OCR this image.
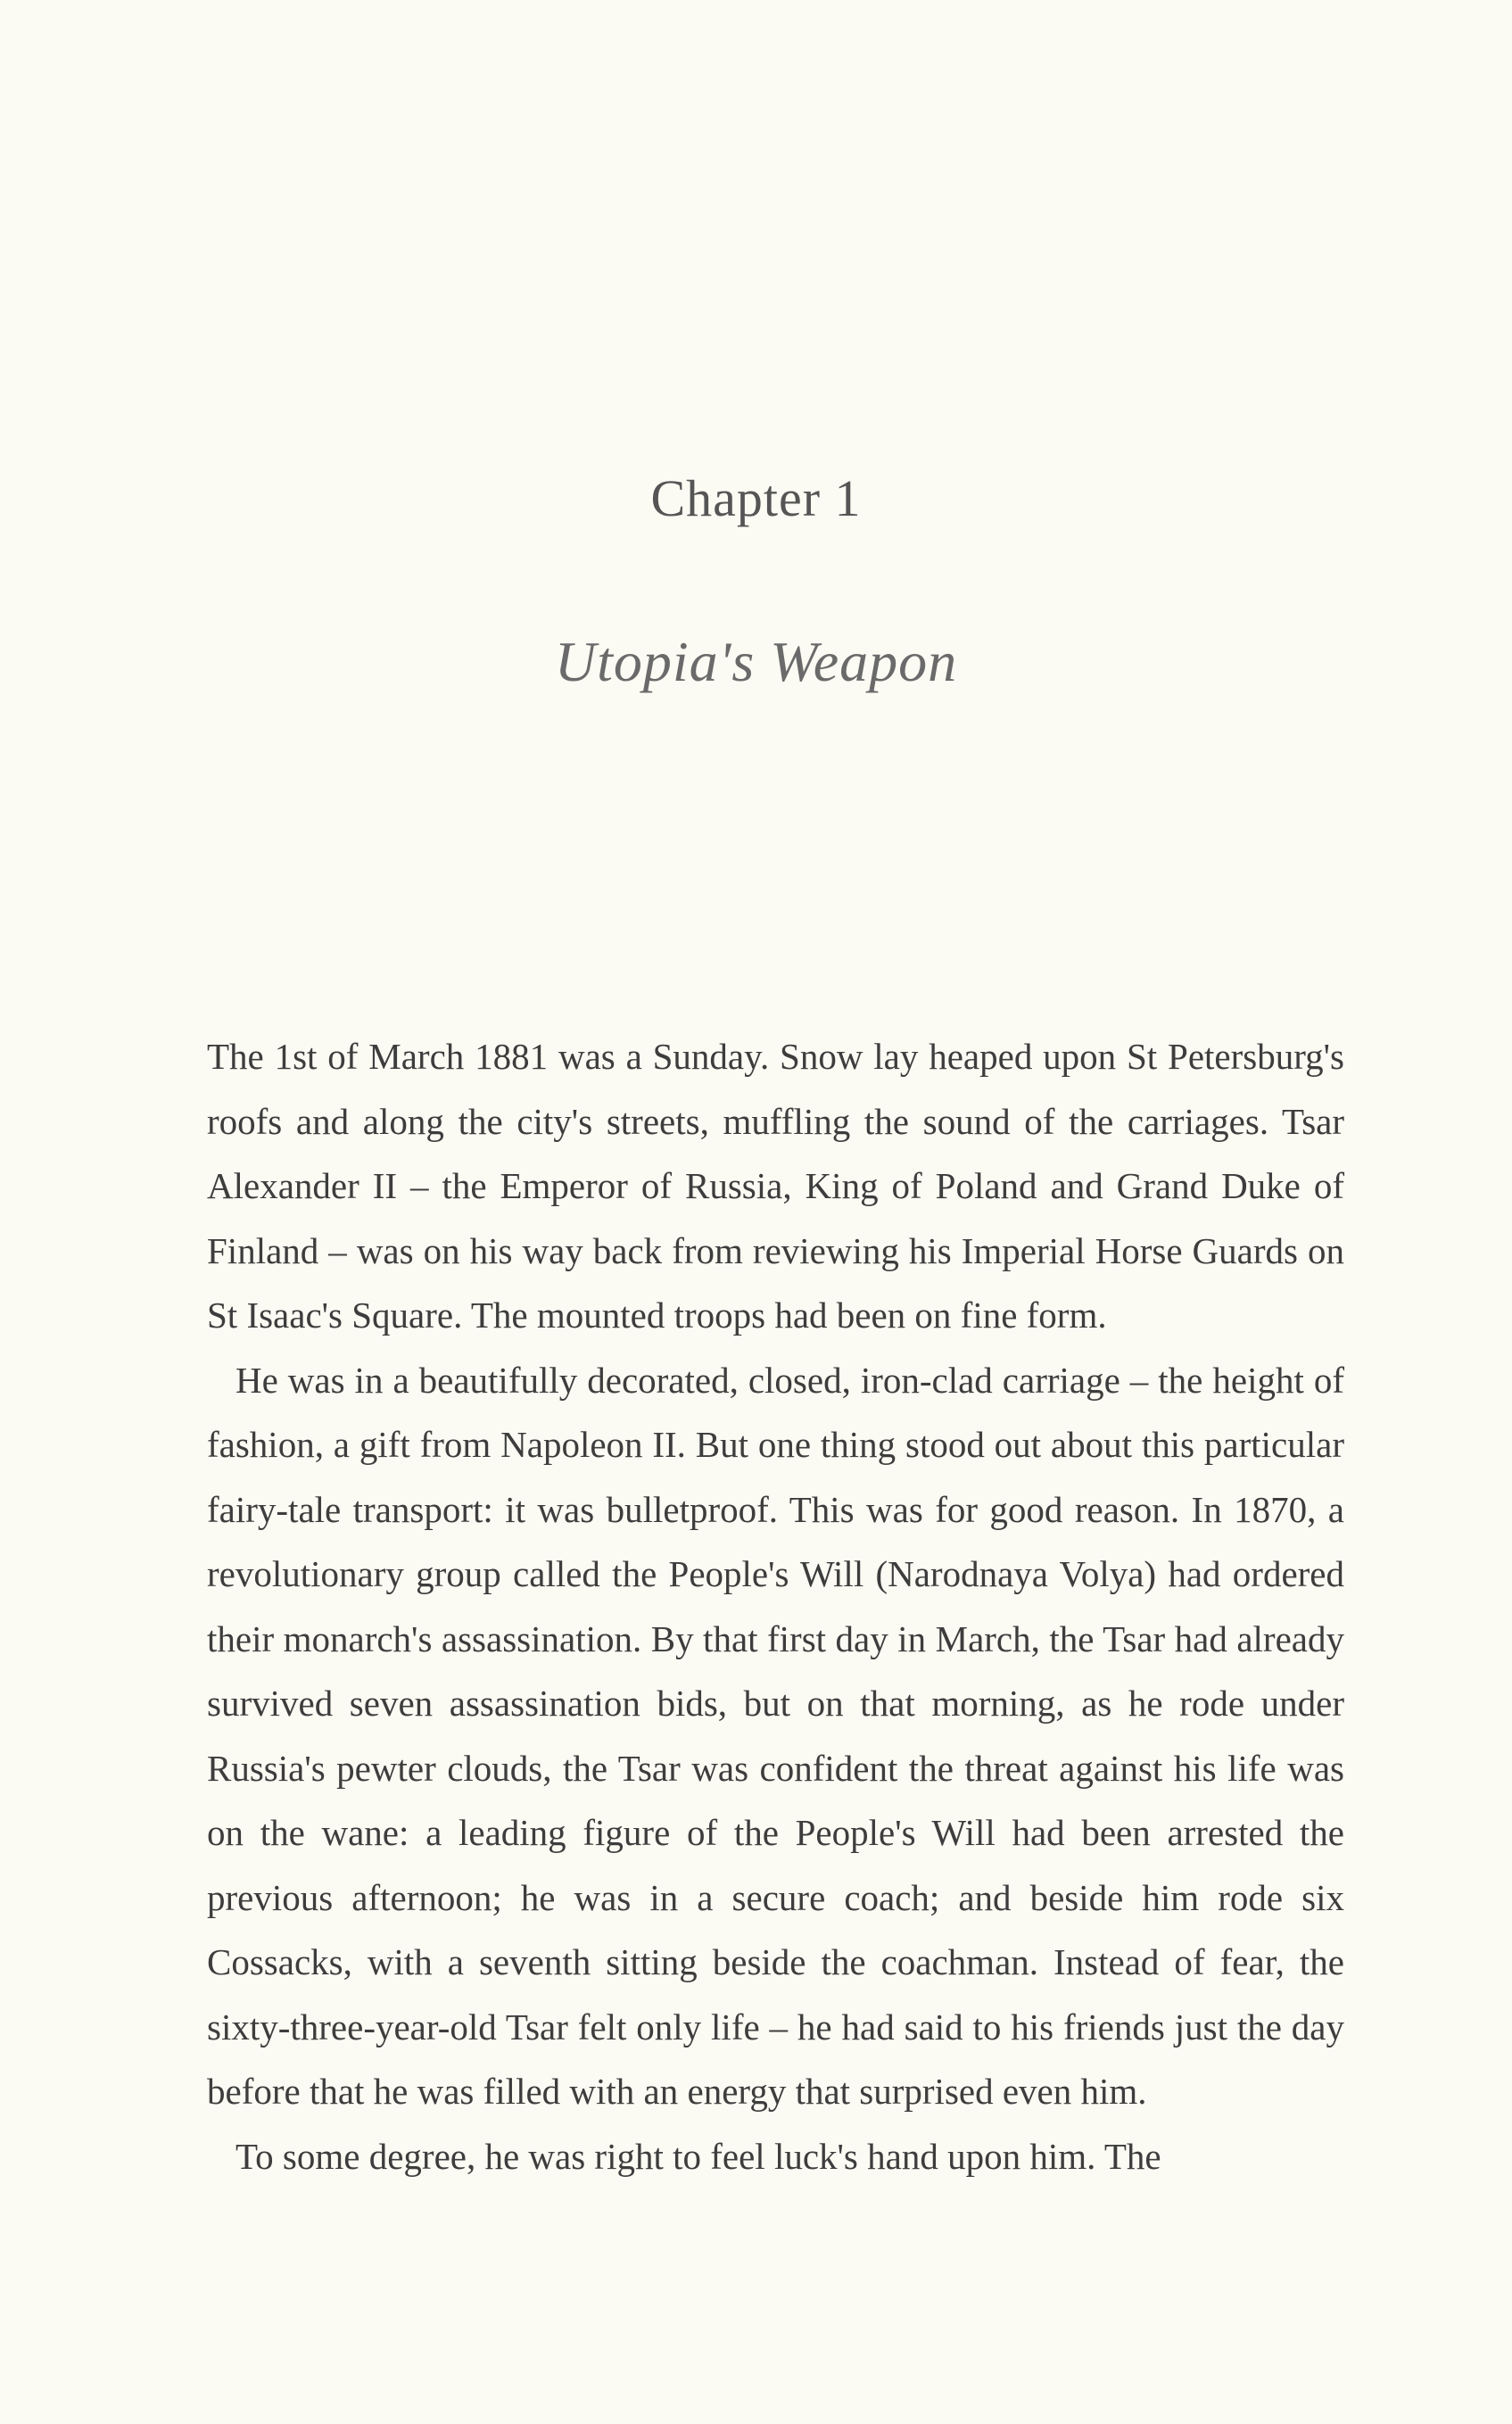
Chapter 1
Utopia's Weapon

The 1st of March 1881 was a Sunday. Snow lay heaped upon St Petersburg's roofs and along the city's streets, muffling the sound of the carriages. Tsar Alexander II – the Emperor of Russia, King of Poland and Grand Duke of Finland – was on his way back from reviewing his Imperial Horse Guards on St Isaac's Square. The mounted troops had been on fine form.

He was in a beautifully decorated, closed, iron-clad carriage – the height of fashion, a gift from Napoleon II. But one thing stood out about this particular fairy-tale transport: it was bulletproof. This was for good reason. In 1870, a revolutionary group called the People's Will (Narodnaya Volya) had ordered their monarch's assassination. By that first day in March, the Tsar had already survived seven assassination bids, but on that morning, as he rode under Russia's pewter clouds, the Tsar was confident the threat against his life was on the wane: a leading figure of the People's Will had been arrested the previous afternoon; he was in a secure coach; and beside him rode six Cossacks, with a seventh sitting beside the coachman. Instead of fear, the sixty-three-year-old Tsar felt only life – he had said to his friends just the day before that he was filled with an energy that surprised even him.

To some degree, he was right to feel luck's hand upon him. The
